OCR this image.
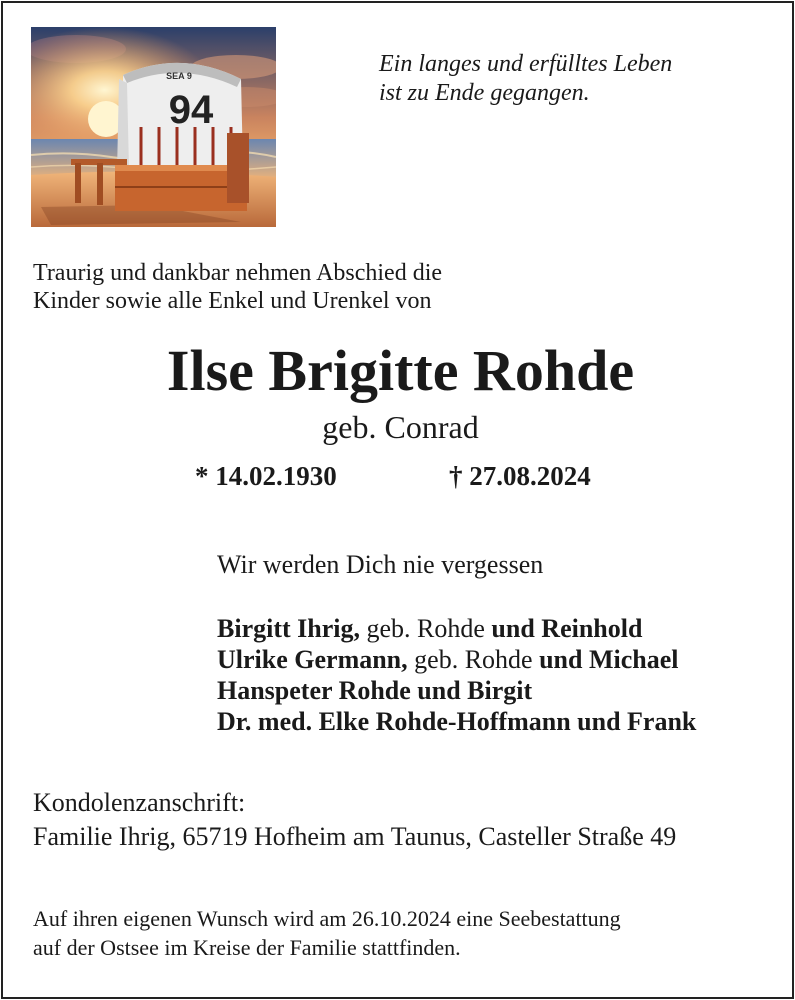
SEA 9
94
Ein langes und erfülltes Leben
ist zu Ende gegangen.
Traurig und dankbar nehmen Abschied die
Kinder sowie alle Enkel und Urenkel von
Ilse Brigitte Rohde
geb. Conrad
* 14.02.1930	† 27.08.2024
Wir werden Dich nie vergessen
Birgitt Ihrig, geb. Rohde und Reinhold
Ulrike Germann, geb. Rohde und Michael
Hanspeter Rohde und Birgit
Dr. med. Elke Rohde-Hoffmann und Frank
Kondolenzanschrift:
Familie Ihrig, 65719 Hofheim am Taunus, Casteller Straße 49
Auf ihren eigenen Wunsch wird am 26.10.2024 eine Seebestattung
auf der Ostsee im Kreise der Familie stattfinden.
